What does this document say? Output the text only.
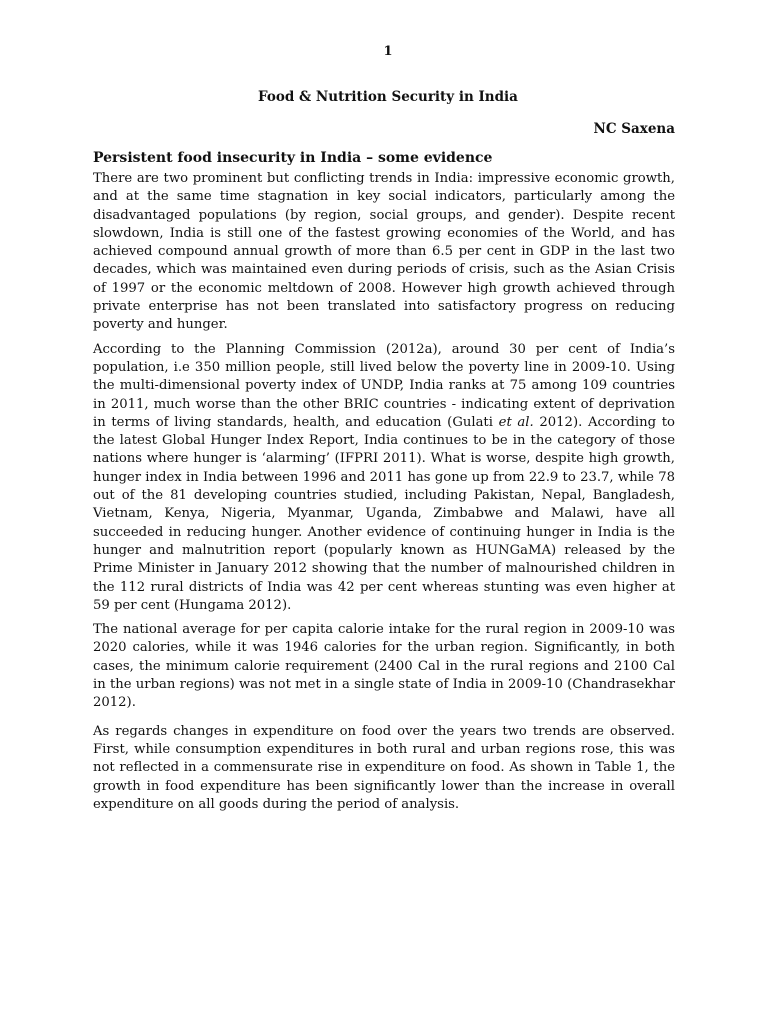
1
Food & Nutrition Security in India
NC Saxena
Persistent food insecurity in India – some evidence

There are two prominent but conflicting trends in India: impressive economic growth, and at the same time stagnation in key social indicators, particularly among the disadvantaged populations (by region, social groups, and gender). Despite recent slowdown, India is still one of the fastest growing economies of the World, and has achieved compound annual growth of more than 6.5 per cent in GDP in the last two decades, which was maintained even during periods of crisis, such as the Asian Crisis of 1997 or the economic meltdown of 2008. However high growth achieved through private enterprise has not been translated into satisfactory progress on reducing poverty and hunger.

According to the Planning Commission (2012a), around 30 per cent of India’s population, i.e 350 million people, still lived below the poverty line in 2009-10. Using the multi-dimensional poverty index of UNDP, India ranks at 75 among 109 countries in 2011, much worse than the other BRIC countries - indicating extent of deprivation in terms of living standards, health, and education (Gulati et al. 2012). According to the latest Global Hunger Index Report, India continues to be in the category of those nations where hunger is ‘alarming’ (IFPRI 2011). What is worse, despite high growth, hunger index in India between 1996 and 2011 has gone up from 22.9 to 23.7, while 78 out of the 81 developing countries studied, including Pakistan, Nepal, Bangladesh, Vietnam, Kenya, Nigeria, Myanmar, Uganda, Zimbabwe and Malawi, have all succeeded in reducing hunger. Another evidence of continuing hunger in India is the hunger and malnutrition report (popularly known as HUNGaMA) released by the Prime Minister in January 2012 showing that the number of malnourished children in the 112 rural districts of India was 42 per cent whereas stunting was even higher at 59 per cent (Hungama 2012).

The national average for per capita calorie intake for the rural region in 2009-10 was 2020 calories, while it was 1946 calories for the urban region. Significantly, in both cases, the minimum calorie requirement (2400 Cal in the rural regions and 2100 Cal in the urban regions) was not met in a single state of India in 2009-10 (Chandrasekhar 2012).

As regards changes in expenditure on food over the years two trends are observed. First, while consumption expenditures in both rural and urban regions rose, this was not reflected in a commensurate rise in expenditure on food. As shown in Table 1, the growth in food expenditure has been significantly lower than the increase in overall expenditure on all goods during the period of analysis.
